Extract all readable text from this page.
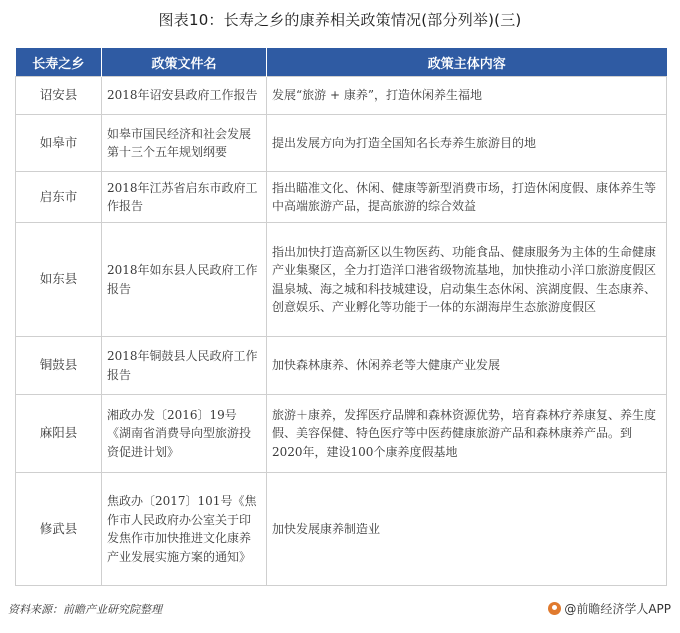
图表10：长寿之乡的康养相关政策情况(部分列举)(三)
长寿之乡	政策文件名	政策主体内容
诏安县	2018年诏安县政府工作报告	发展“旅游 + 康养”，打造休闲养生福地
如皋市	如皋市国民经济和社会发展第十三个五年规划纲要	提出发展方向为打造全国知名长寿养生旅游目的地
启东市	2018年江苏省启东市政府工作报告	指出瞄准文化、休闲、健康等新型消费市场，打造休闲度假、康体养生等中高端旅游产品，提高旅游的综合效益
如东县	2018年如东县人民政府工作报告	指出加快打造高新区以生物医药、功能食品、健康服务为主体的生命健康产业集聚区，全力打造洋口港省级物流基地，加快推动小洋口旅游度假区温泉城、海之城和科技城建设，启动集生态休闲、滨湖度假、生态康养、创意娱乐、产业孵化等功能于一体的东湖海岸生态旅游度假区
铜鼓县	2018年铜鼓县人民政府工作报告	加快森林康养、休闲养老等大健康产业发展
麻阳县	湘政办发〔2016〕19号《湖南省消费导向型旅游投资促进计划》	旅游＋康养，发挥医疗品牌和森林资源优势，培育森林疗养康复、养生度假、美容保健、特色医疗等中医药健康旅游产品和森林康养产品。到2020年，建设100个康养度假基地
修武县	焦政办〔2017〕101号《焦作市人民政府办公室关于印发焦作市加快推进文化康养产业发展实施方案的通知》	加快发展康养制造业
资料来源：前瞻产业研究院整理	@前瞻经济学人APP
